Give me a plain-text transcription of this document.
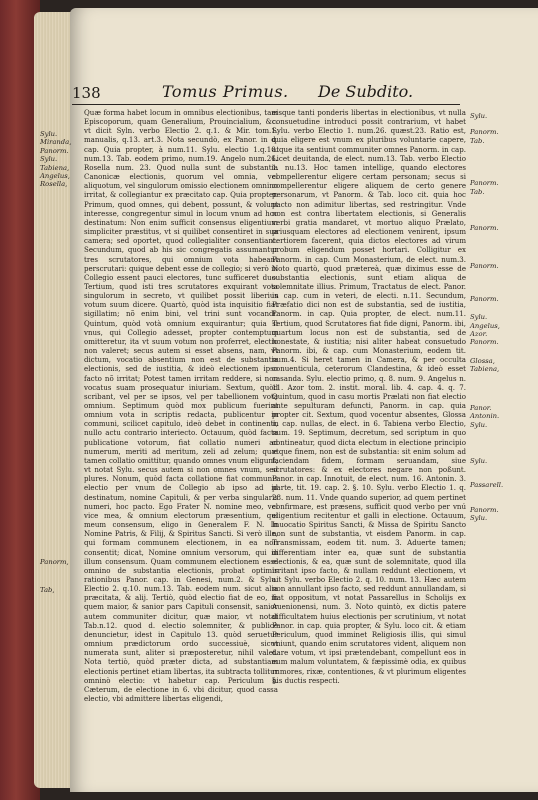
138	Tomus Primus. De Subdito.
Sylu.
Miranda,
Panorm.
Sylu.
Tabiena,
Angelus,
Rosella,
Panorm,
Tab,

Quæ forma habet locum in omnibus electionibus, tam Episcoporum, quam Generalium, Prouincialium, &c. vt dicit Syln. verbo Electio 2. q.1. & Mir. tom.1. manualis, q.13. art.3. Nota secundò, ex Panor. in d. cap. Quia propter, à num.11. Sylu. electio 1.q.10. num.13. Tab. eodem primo, num.19. Angelo num.26. Rosella num. 23. Quod nulla sunt de substantia Canonicæ electionis, quorum vel omnia, vel aliquotum, vel singulorum omissio electionem omnino irritat, & collegiantur ex præcitato cap. Quia propter. Primum, quod omnes, qui debent, possunt, & volunt interesse, congregentur simul in locum vnum ad hoc destinatum: Non enim sufficit consensus eligentium simpliciter præstitus, vt si quilibet consentiret in sua camera; sed oportet, quod collegialiter consentiant. Secundum, quod ab his sic congregatis assumantur tres scrutatores, qui omnium vota habeant perscrutari: quique debent esse de collegio; si verò in Collegio essent pauci electores, tunc sufficeret duo. Tertium, quod isti tres scrutatores exquirant vota singulorum in secreto, vt quilibet possit liberius votum suum dicere. Quartò, quòd ista inquisitio fiat sigillatim; nõ enim bini, vel trini sunt vocandi. Quintum, quòd votà omnium exquirantur; quia si vnus, qui Collegio adesset, propter contemptum omitteretur, ita vt suum votum non proferret, electio non valeret; secus autem si esset absens, nam, vt dictum, vocatio absentium non est de substantia electionis, sed de iustitia, & ideò electionem ipso facto nõ irritat; Potest tamen irritam reddere, si non vocatus suam prosequatur iniuriam. Sextum, quòd scribant, vel per se ipsos, vel per tabellionem vota omnium. Septimum quòd mox publicum fuerint omnium vota in scriptis redacta, publicentur in communi, scilicet capitulo, ideò debet in continenti, nullo actu contrario interiecto. Octauum, quòd facta publicatione votorum, fiat collatio numeri ad numerum, meriti ad meritum, zeli ad zelum; quæ tamen collatio omittitur, quando omnes vnum eligunt, vt notat Sylu. secus autem si non omnes vnum, sed plures. Nonum, quòd facta collatione fiat communis electio per vnum de Collegio ab ipso ad id destinatum, nomine Capituli, & per verba singularis numeri, hoc pacto. Ego Frater N. nomine meo, vel vice mea, & omnium electorum præsentium, qui meum consensum, eligo in Generalem F. N. In Nomine Patris, & Filij, & Spiritus Sancti. Si verò ille, qui formam communem electionem, in ea non consentit; dicat, Nomine omnium versorum, qui in illum consensum. Quam communem electionem esse omnino de substantia electionis, probat optimis rationibus Panor. cap. in Genesi, num.2. & Sylu. Electio 2. q.10. num.13. Tab. eodem num. sicut alia præcitata, & alij. Tertiò, quòd electio fiat de eo, in quem maior, & sanior pars Capituli consensit, sanior autem communiter dicitur, quæ maior, vt notat Tab.n.12. quod d. electio solemniter, & publicè denuncietur, idest in Capitulo 13. quòd seruetur omnium prædictorum ordo successiuè, sicut numerata sunt, aliter si præposteretur, nihil valet. Nota tertiò, quòd præter dicta, ad substantiam electionis pertinet etiam libertas, ita subtracta tollitur omninò electio: vt habetur cap. Periculum §. Cæterum, de electione in 6. vbi dicitur, quod cassa electio, vbi admittere libertas eligendi,

eisque tanti ponderis libertas in electionibus, vt nulla consuetudine introduci possit contrarium, vt habet Sylu. verbo Electio 1. num.26. quæst.23. Ratio est, quia eligere est vnum ex pluribus voluntarie capere, atque ita sentiunt communiter omnes Panorm. in cap. Licet deuitanda, de elect. num.13. Tab. verbo Electio 1. nu.13. Hoc tamen intellige, quando electores compellerentur eligere certam personam; secus si compellerentur eligere aliquem de certo genere personarum, vt Panorm. & Tab. loco cit. quia hoc pacto non adimitur libertas, sed restringitur. Vnde non est contra libertatem electionis, si Generalis verbi gratia mandaret, vt mortuo aliquo Prælato, priusquam electores ad electionem venirent, ipsum certiorem facerent, quia dictos electores ad virum probum eligendum posset hortari. Colligitur ex Panorm. in cap. Cum Monasterium, de elect. num.3. Noto quartò, quod prætereà, quæ diximus esse de substantia electionis, sunt etiam aliqua de solemnitate illius. Primum, Tractatus de elect. Panor. in cap. cum in veteri, de electi. n.11. Secundum, Præfatio dici non est de substantia, sed de iustitia, Panorm. in cap. Quia propter, de elect. num.11. Tertium, quod Scrutatores fiat fide digni, Panorm. ibi, quartum locus non est de substantia, sed de honestate, & iustitia; nisi aliter habeat consuetudo Panorm. ibi, & cap. cum Monasterium, eodem tit. num.4. Si heret tamen in Camera, & per occulta conuenticula, ceterorum Clandestina, & ideò esset casanda. Sylu. electio primo, q. 8. num. 9. Angelus n. 11. Azor tom. 2. instit. moral. lib. 4. cap. 4. q. 7. Quintum, quod in casu mortis Prælati non fiat electio ante sepulturam defuncti, Panorm. in cap. quia propter cit. Sextum, quod vocentur absentes, Glossa in cap. nullas, de elect. in 6. Tabiena verbo Electio, num. 19. Septimum, decretum, sed scriptum in quo contineatur, quod dicta electum in electione principio vtque finem, non est de substantia: sit enim solum ad faciendam fidem, formam seruandam, siue scrutatores: & ex electores negare non poßunt. Panor. in cap. Innotuit, de elect. num. 16. Antonin. 3. parte, tit. 19. cap. 2. §. 10. Sylu. verbo Electio 1. q. 28. num. 11. Vnde quando superior, ad quem pertinet confirmare, est præsens, sufficit quod verbo per vnú eligentium recitentur et galli in electione. Octauum, Inuocatio Spiritus Sancti, & Missa de Spiritu Sancto non sunt de substantia, vt eisdem Panorm. in cap. Transmissam, eodem tit. num. 3. Aduerte tamen; differentiam inter ea, quæ sunt de substantia electionis, & ea, quæ sunt de solemnitate, quod illa irritant ipso facto, & nullam reddunt electionem, vt ait Sylu. verbo Electio 2. q. 10. num. 13. Hæc autem non annullant ipso facto, sed reddunt annullandam, si fiat oppositum, vt notat Passarellus in Scholijs ex Auenionensi, num. 3. Noto quintò, ex dictis patere difficultatem huius electionis per scrutinium, vt notat Panor. in cap. quia propter, & Sylu. loco cit. & etiam Periculum, quod imminet Religiosis illis, qui simul vniunt, quando enim scrutatores vident, aliquem non dare votum, vt ipsi prætendebant, compellunt eos in eum malum voluntatem, & fæpissimè odia, ex quibus rumores, rixæ, contentiones, & vt plurimum eligentes his ductis respecti.

Sylu.
Panorm.
Tab.
Panorm.
Tab.
Panorm.
Panorm.
Panorm.
Sylu.
Angelus,
Azor.
Panorm.
Glossa,
Tabiena,
Panor.
Antonin.
Sylu.
Sylu.
Passarell.
Panorm.
Sylu.
